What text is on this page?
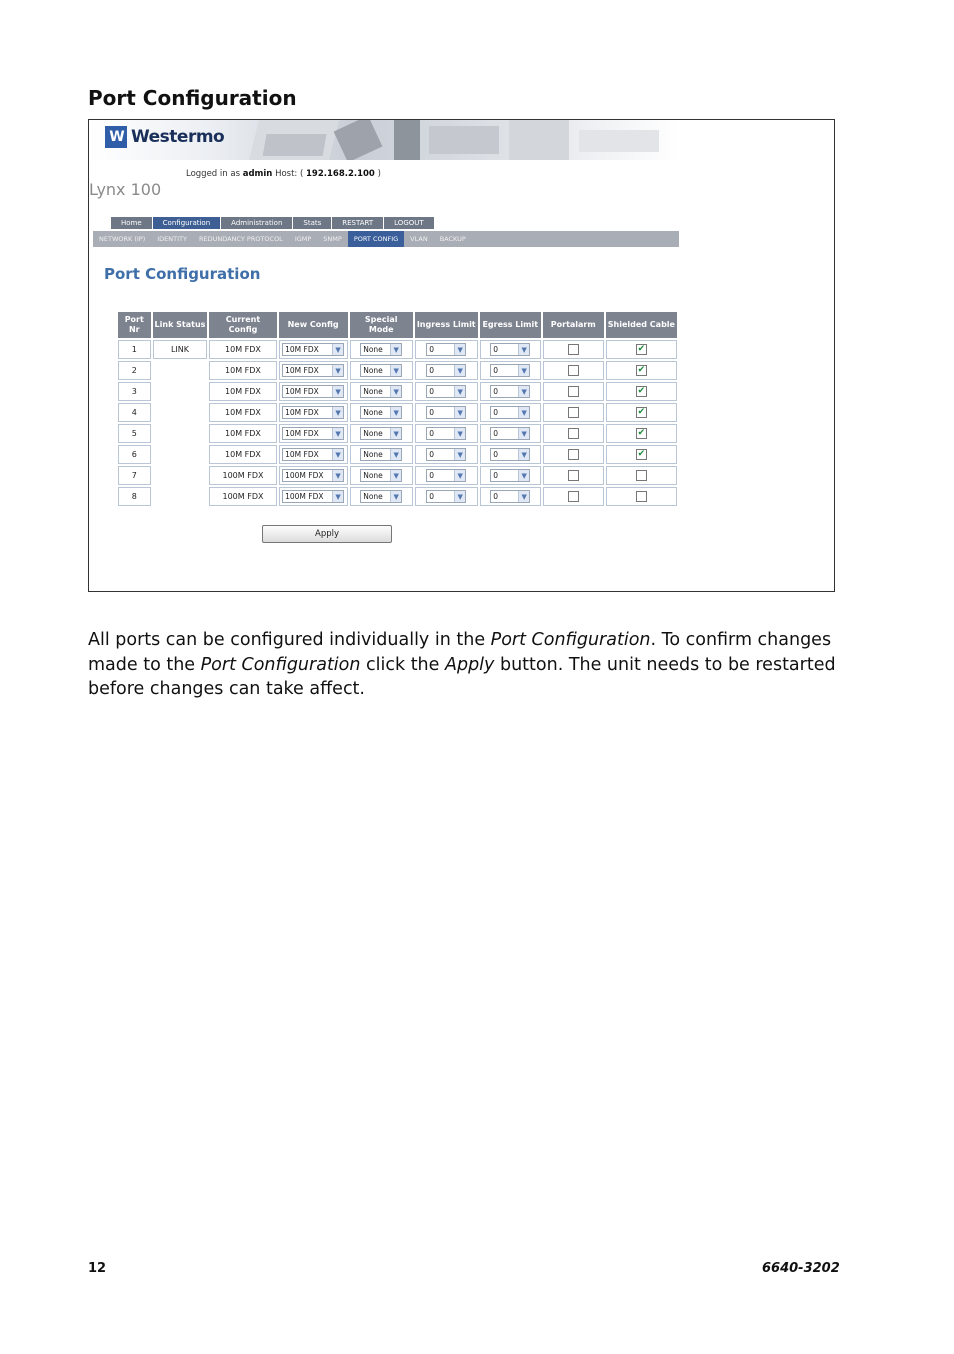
Port Configuration
W Westermo
Logged in as admin Host: ( 192.168.2.100 )
Lynx 100
Home	Configuration	Administration	Stats	RESTART	LOGOUT
NETWORK (IP)	IDENTITY	REDUNDANCY PROTOCOL	IGMP	SNMP	PORT CONFIG	VLAN	BACKUP
Port Configuration
Port Nr	Link Status	Current Config	New Config	Special Mode	Ingress Limit	Egress Limit	Portalarm	Shielded Cable
1	LINK	10M FDX	10M FDX ▼	None ▼	0 ▼	0 ▼		✔
2		10M FDX	10M FDX ▼	None ▼	0 ▼	0 ▼		✔
3		10M FDX	10M FDX ▼	None ▼	0 ▼	0 ▼		✔
4		10M FDX	10M FDX ▼	None ▼	0 ▼	0 ▼		✔
5		10M FDX	10M FDX ▼	None ▼	0 ▼	0 ▼		✔
6		10M FDX	10M FDX ▼	None ▼	0 ▼	0 ▼		✔
7		100M FDX	100M FDX ▼	None ▼	0 ▼	0 ▼		

8		100M FDX	100M FDX ▼	None ▼	0 ▼	0 ▼		

Apply

All ports can be configured individually in the Port Configuration. To confirm changes made to the Port Configuration click the Apply button. The unit needs to be restarted before changes can take affect.

12	6640-3202
